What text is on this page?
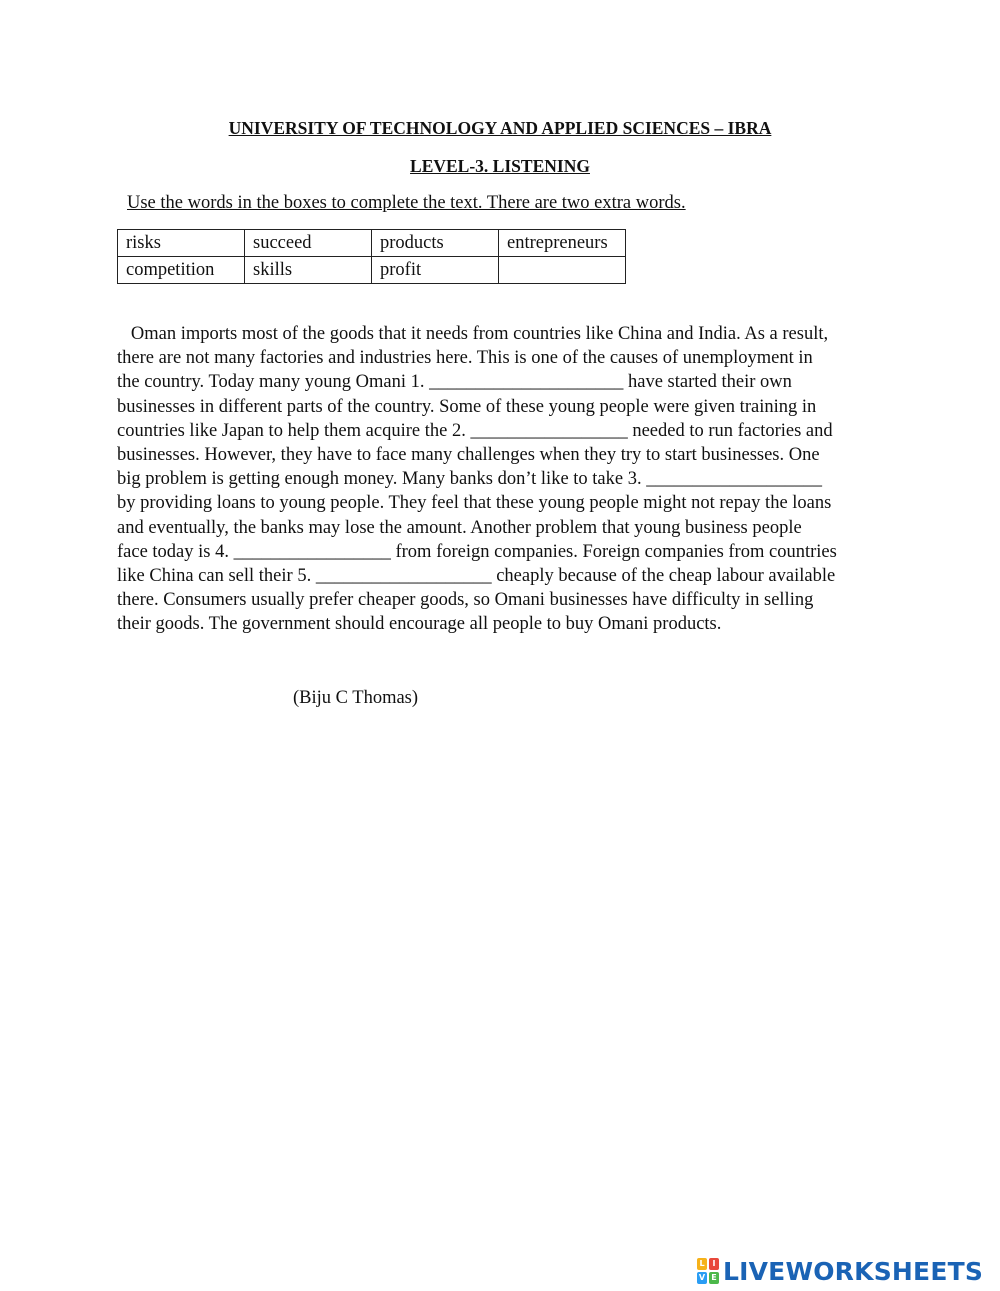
UNIVERSITY OF TECHNOLOGY AND APPLIED SCIENCES – IBRA
LEVEL-3. LISTENING

Use the words in the boxes to complete the text. There are two extra words.

risks	succeed	products	entrepreneurs
competition	skills	profit	
Oman imports most of the goods that it needs from countries like China and India. As a result,
there are not many factories and industries here. This is one of the causes of unemployment in
the country. Today many young Omani 1. _____________________ have started their own
businesses in different parts of the country. Some of these young people were given training in
countries like Japan to help them acquire the 2. _________________ needed to run factories and
businesses. However, they have to face many challenges when they try to start businesses. One
big problem is getting enough money. Many banks don’t like to take 3. ___________________
by providing loans to young people. They feel that these young people might not repay the loans
and eventually, the banks may lose the amount. Another problem that young business people
face today is 4. _________________ from foreign companies. Foreign companies from countries
like China can sell their 5. ___________________ cheaply because of the cheap labour available
there. Consumers usually prefer cheaper goods, so Omani businesses have difficulty in selling
their goods. The government should encourage all people to buy Omani products.

(Biju C Thomas)

L I
V E LIVEWORKSHEETS
